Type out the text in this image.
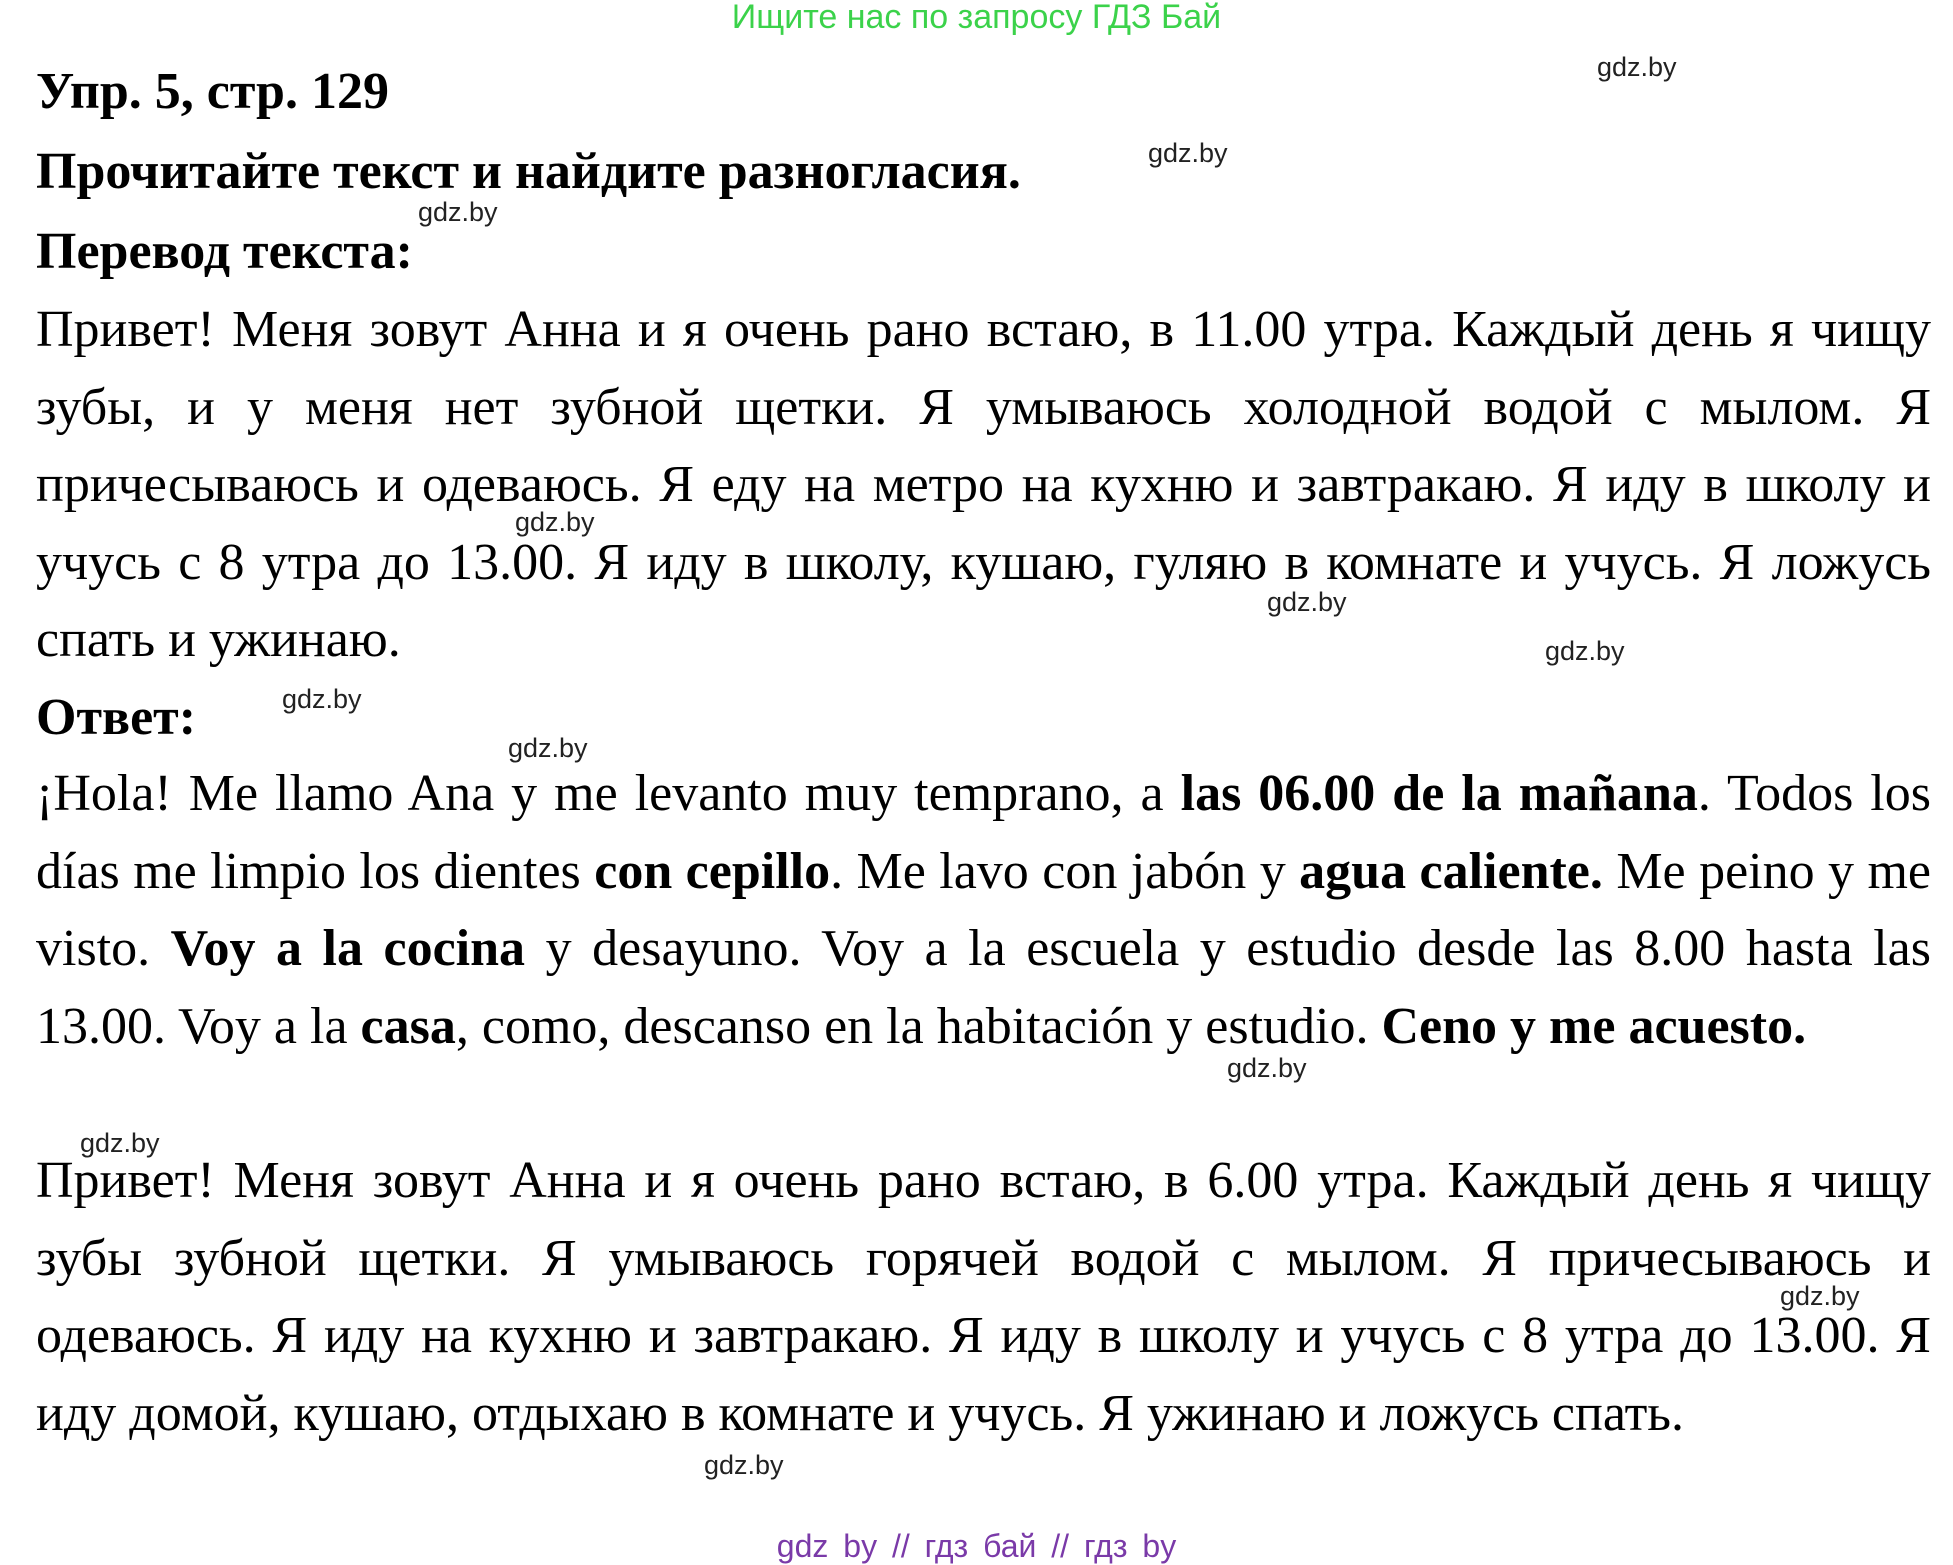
Ищите нас по запросу ГДЗ Бай
Упр. 5, стр. 129
Прочитайте текст и найдите разногласия.
Перевод текста:
Привет! Меня зовут Анна и я очень рано встаю, в 11.00 утра. Каждый день я чищу зубы, и у меня нет зубной щетки. Я умываюсь холодной водой с мылом. Я причесываюсь и одеваюсь. Я еду на метро на кухню и завтракаю. Я иду в школу и учусь с 8 утра до 13.00. Я иду в школу, кушаю, гуляю в комнате и учусь. Я ложусь спать и ужинаю.
Ответ:
¡Hola! Me llamo Ana y me levanto muy temprano, a las 06.00 de la mañana. Todos los días me limpio los dientes con cepillo. Me lavo con jabón y agua caliente. Me peino y me visto. Voy a la cocina y desayuno. Voy a la escuela y estudio desde las 8.00 hasta las 13.00. Voy a la casa, como, descanso en la habitación y estudio. Ceno y me acuesto.
Привет! Меня зовут Анна и я очень рано встаю, в 6.00 утра. Каждый день я чищу зубы зубной щетки. Я умываюсь горячей водой с мылом. Я причесываюсь и одеваюсь. Я иду на кухню и завтракаю. Я иду в школу и учусь с 8 утра до 13.00. Я иду домой, кушаю, отдыхаю в комнате и учусь. Я ужинаю и ложусь спать.
gdz.by
gdz.by
gdz.by
gdz.by
gdz.by
gdz.by
gdz.by
gdz.by
gdz.by
gdz.by
gdz.by
gdz.by
gdz by // гдз бай // гдз by
